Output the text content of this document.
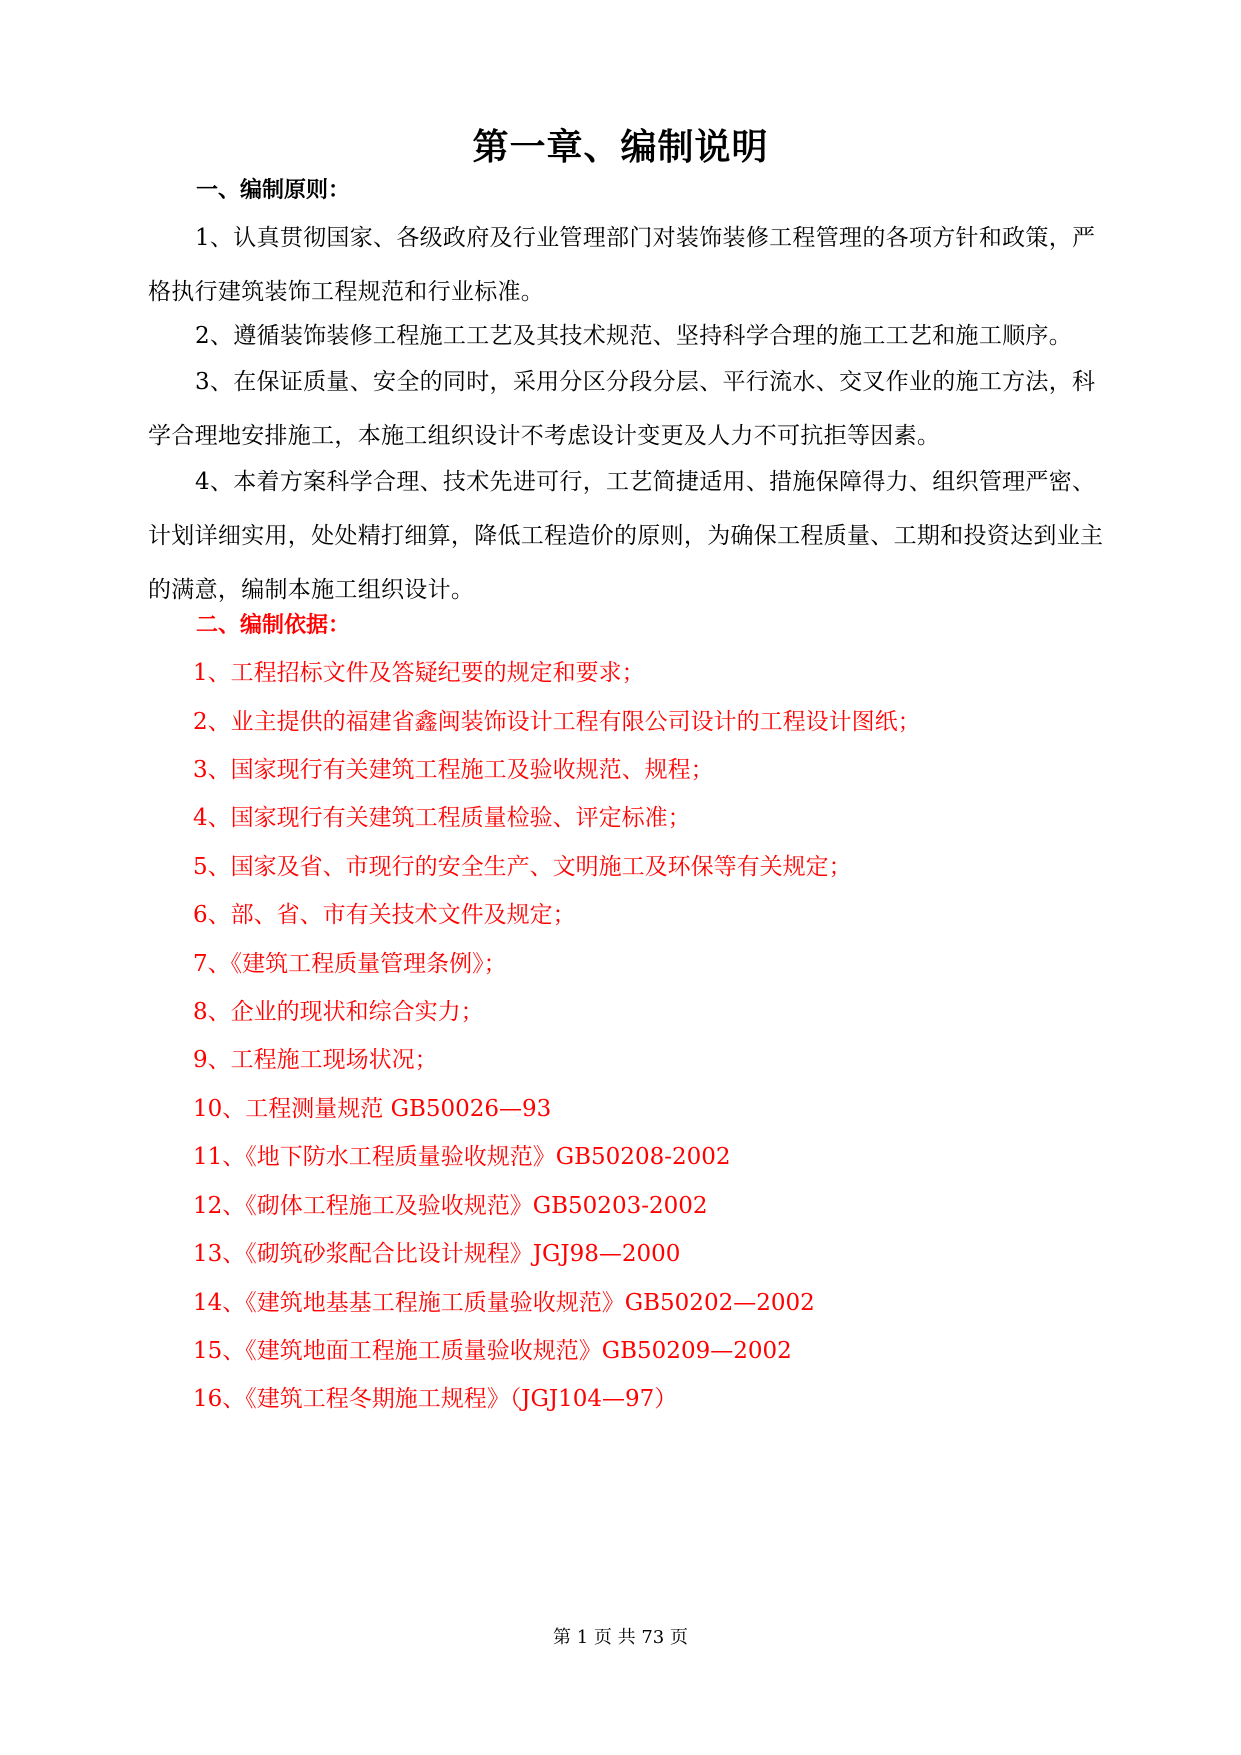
第一章、编制说明
一、编制原则：
1、认真贯彻国家、各级政府及行业管理部门对装饰装修工程管理的各项方针和政策，严格执行建筑装饰工程规范和行业标准。
2、遵循装饰装修工程施工工艺及其技术规范、坚持科学合理的施工工艺和施工顺序。
3、在保证质量、安全的同时，采用分区分段分层、平行流水、交叉作业的施工方法，科学合理地安排施工，本施工组织设计不考虑设计变更及人力不可抗拒等因素。
4、本着方案科学合理、技术先进可行，工艺简捷适用、措施保障得力、组织管理严密、计划详细实用，处处精打细算，降低工程造价的原则，为确保工程质量、工期和投资达到业主的满意，编制本施工组织设计。
二、编制依据：
1、工程招标文件及答疑纪要的规定和要求；
2、业主提供的福建省鑫闽装饰设计工程有限公司设计的工程设计图纸；
3、国家现行有关建筑工程施工及验收规范、规程；
4、国家现行有关建筑工程质量检验、评定标准；
5、国家及省、市现行的安全生产、文明施工及环保等有关规定；
6、部、省、市有关技术文件及规定；
7、《建筑工程质量管理条例》；
8、企业的现状和综合实力；
9、工程施工现场状况；
10、工程测量规范 GB50026—93
11、《地下防水工程质量验收规范》GB50208-2002
12、《砌体工程施工及验收规范》GB50203-2002
13、《砌筑砂浆配合比设计规程》JGJ98—2000
14、《建筑地基基工程施工质量验收规范》GB50202—2002
15、《建筑地面工程施工质量验收规范》GB50209—2002
16、《建筑工程冬期施工规程》（JGJ104—97）
第 1 页 共 73 页
